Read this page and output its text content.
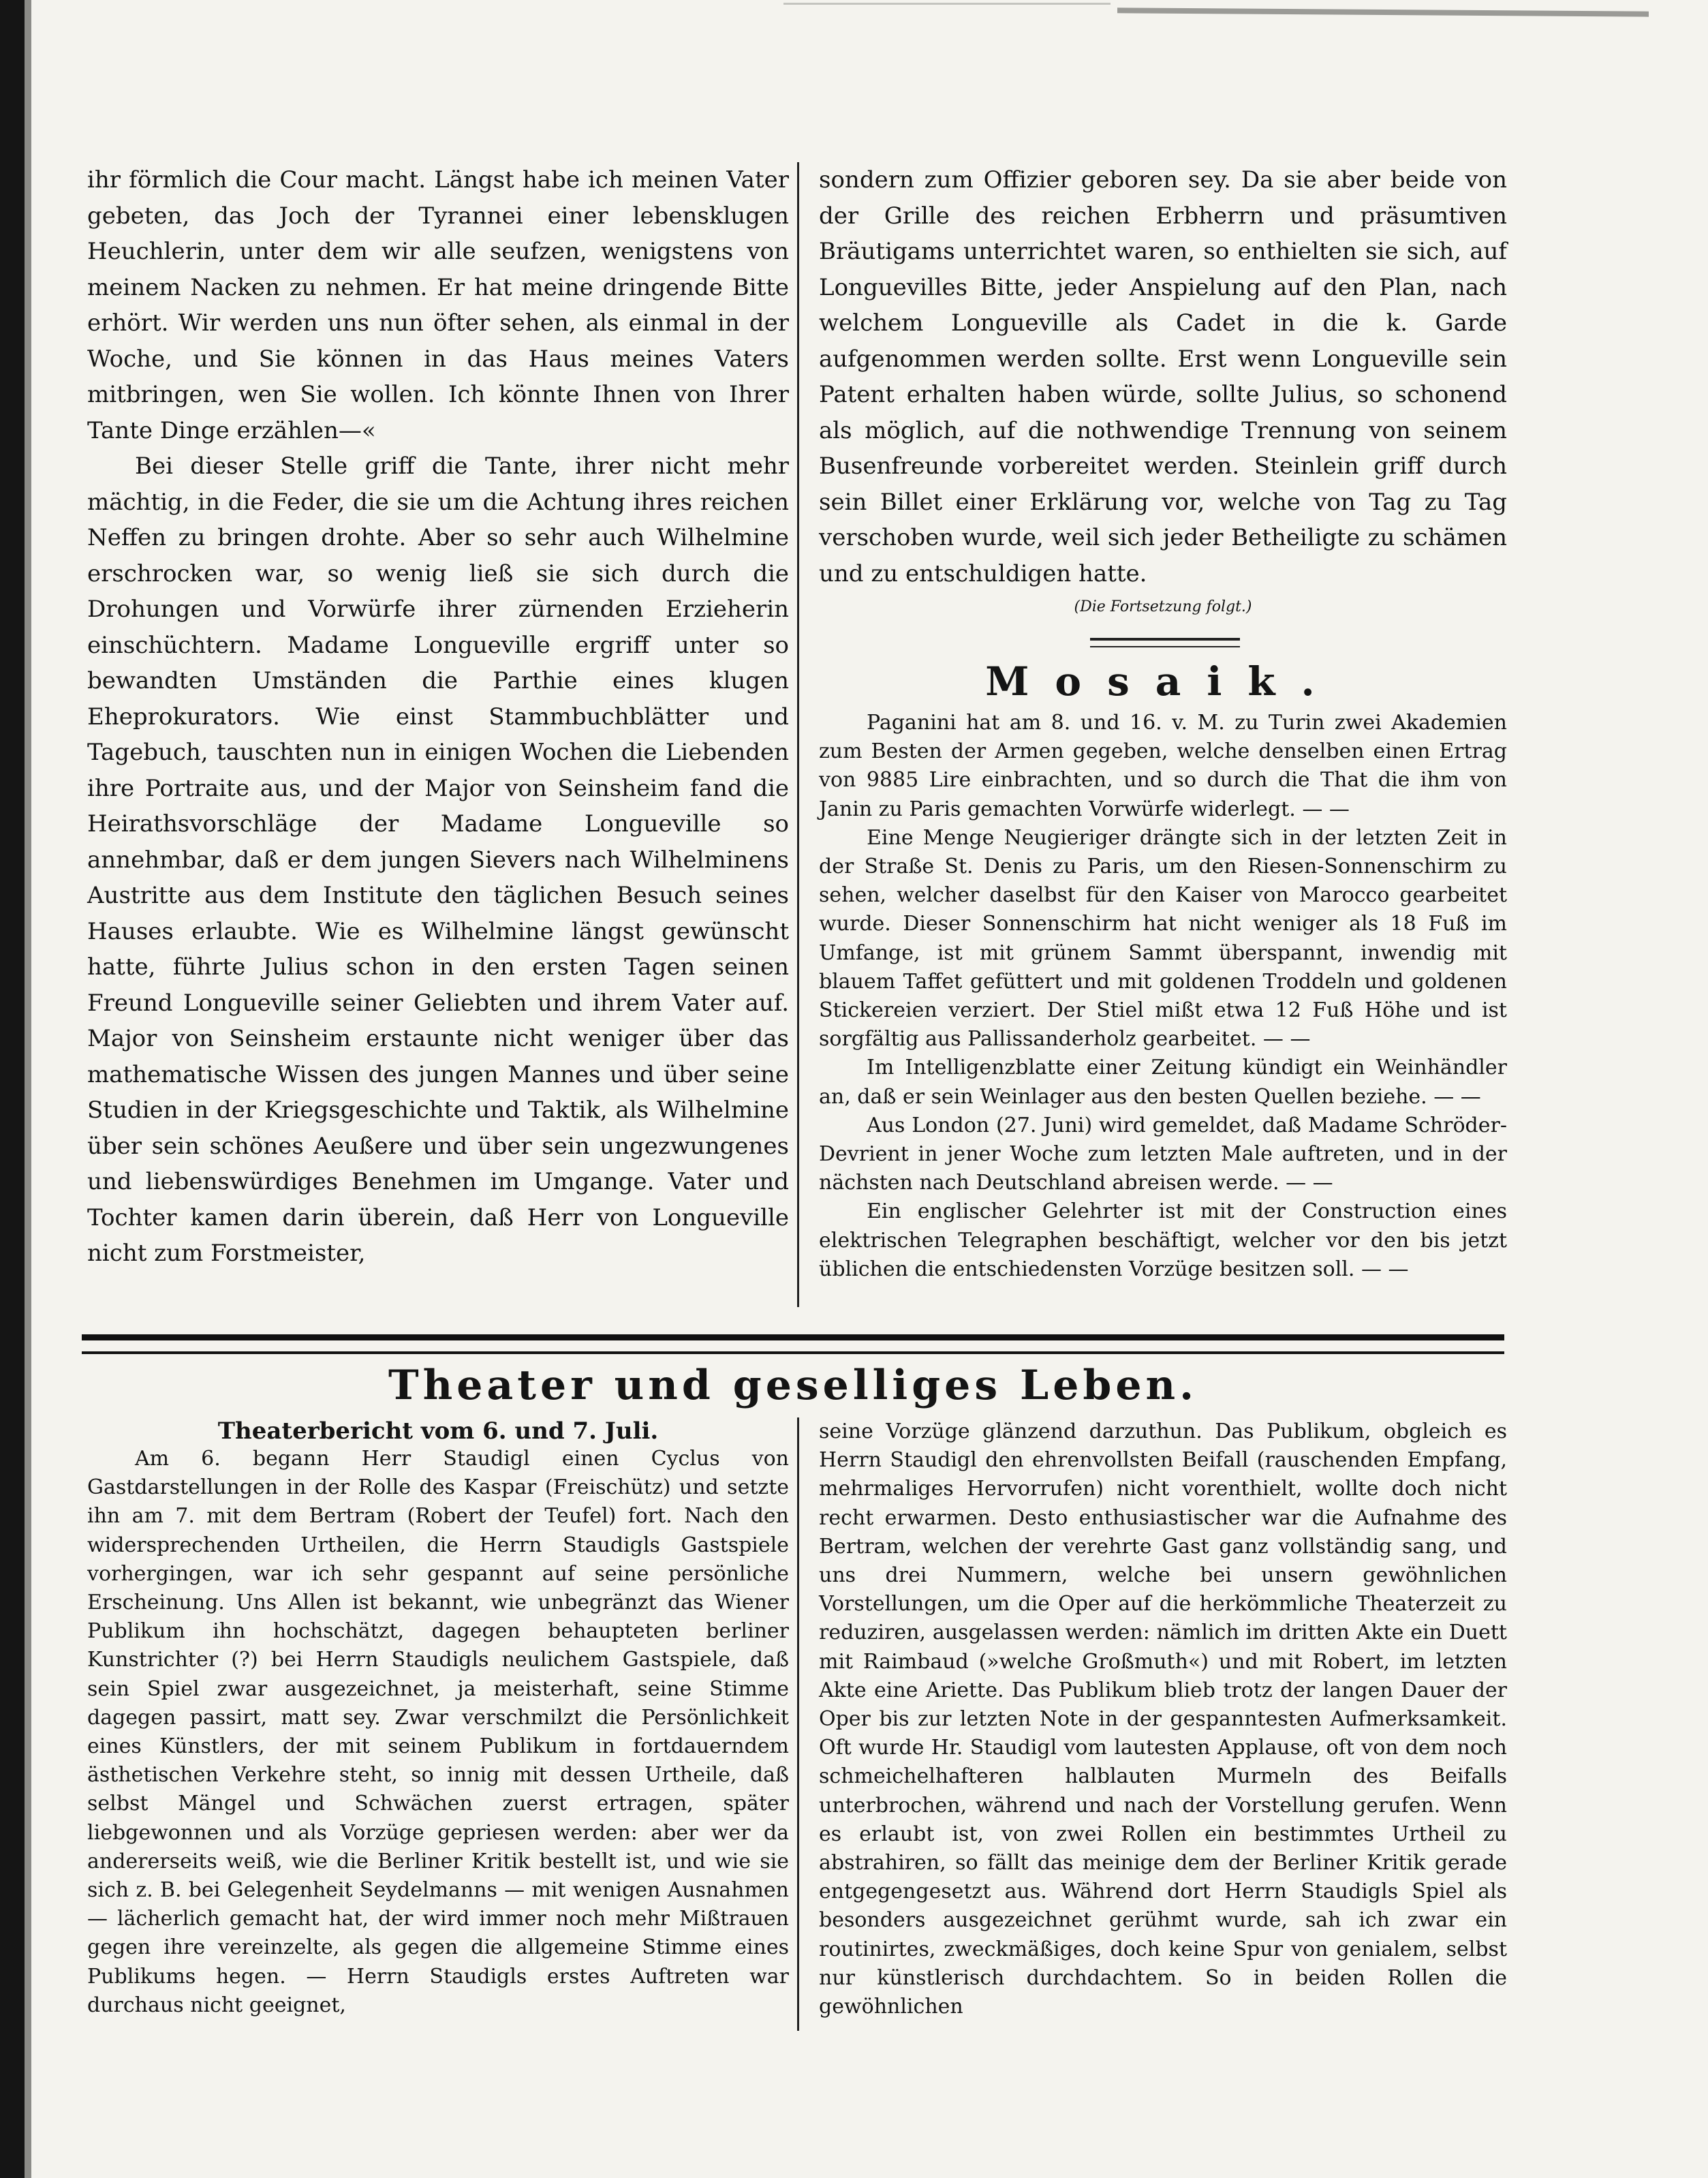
ihr förmlich die Cour macht. Längst habe ich meinen Vater gebeten, das Joch der Tyrannei einer lebensklugen Heuchlerin, unter dem wir alle seufzen, wenigstens von meinem Nacken zu nehmen. Er hat meine dringende Bitte erhört. Wir werden uns nun öfter sehen, als einmal in der Woche, und Sie können in das Haus meines Vaters mitbringen, wen Sie wollen. Ich könnte Ihnen von Ihrer Tante Dinge erzählen—«

Bei dieser Stelle griff die Tante, ihrer nicht mehr mächtig, in die Feder, die sie um die Achtung ihres reichen Neffen zu bringen drohte. Aber so sehr auch Wilhelmine erschrocken war, so wenig ließ sie sich durch die Drohungen und Vorwürfe ihrer zürnenden Erzieherin einschüchtern. Madame Longueville ergriff unter so bewandten Umständen die Parthie eines klugen Eheprokurators. Wie einst Stammbuchblätter und Tagebuch, tauschten nun in einigen Wochen die Liebenden ihre Portraite aus, und der Major von Seinsheim fand die Heirathsvorschläge der Madame Longueville so annehmbar, daß er dem jungen Sievers nach Wilhelminens Austritte aus dem Institute den täglichen Besuch seines Hauses erlaubte. Wie es Wilhelmine längst gewünscht hatte, führte Julius schon in den ersten Tagen seinen Freund Longueville seiner Geliebten und ihrem Vater auf. Major von Seinsheim erstaunte nicht weniger über das mathematische Wissen des jungen Mannes und über seine Studien in der Kriegsgeschichte und Taktik, als Wilhelmine über sein schönes Aeußere und über sein ungezwungenes und liebenswürdiges Benehmen im Umgange. Vater und Tochter kamen darin überein, daß Herr von Longueville nicht zum Forstmeister,

sondern zum Offizier geboren sey. Da sie aber beide von der Grille des reichen Erbherrn und präsumtiven Bräutigams unterrichtet waren, so enthielten sie sich, auf Longuevilles Bitte, jeder Anspielung auf den Plan, nach welchem Longueville als Cadet in die k. Garde aufgenommen werden sollte. Erst wenn Longueville sein Patent erhalten haben würde, sollte Julius, so schonend als möglich, auf die nothwendige Trennung von seinem Busenfreunde vorbereitet werden. Steinlein griff durch sein Billet einer Erklärung vor, welche von Tag zu Tag verschoben wurde, weil sich jeder Betheiligte zu schämen und zu entschuldigen hatte.

(Die Fortsetzung folgt.)
Mosaik.

Paganini hat am 8. und 16. v. M. zu Turin zwei Akademien zum Besten der Armen gegeben, welche denselben einen Ertrag von 9885 Lire einbrachten, und so durch die That die ihm von Janin zu Paris gemachten Vorwürfe widerlegt. — —

Eine Menge Neugieriger drängte sich in der letzten Zeit in der Straße St. Denis zu Paris, um den Riesen-Sonnenschirm zu sehen, welcher daselbst für den Kaiser von Marocco gearbeitet wurde. Dieser Sonnenschirm hat nicht weniger als 18 Fuß im Umfange, ist mit grünem Sammt überspannt, inwendig mit blauem Taffet gefüttert und mit goldenen Troddeln und goldenen Stickereien verziert. Der Stiel mißt etwa 12 Fuß Höhe und ist sorgfältig aus Pallissanderholz gearbeitet. — —

Im Intelligenzblatte einer Zeitung kündigt ein Weinhändler an, daß er sein Weinlager aus den besten Quellen beziehe. — —

Aus London (27. Juni) wird gemeldet, daß Madame Schröder-Devrient in jener Woche zum letzten Male auftreten, und in der nächsten nach Deutschland abreisen werde. — —

Ein englischer Gelehrter ist mit der Construction eines elektrischen Telegraphen beschäftigt, welcher vor den bis jetzt üblichen die entschiedensten Vorzüge besitzen soll. — —

Theater und geselliges Leben.
Theaterbericht vom 6. und 7. Juli.

Am 6. begann Herr Staudigl einen Cyclus von Gastdarstellungen in der Rolle des Kaspar (Freischütz) und setzte ihn am 7. mit dem Bertram (Robert der Teufel) fort. Nach den widersprechenden Urtheilen, die Herrn Staudigls Gastspiele vorhergingen, war ich sehr gespannt auf seine persönliche Erscheinung. Uns Allen ist bekannt, wie unbegränzt das Wiener Publikum ihn hochschätzt, dagegen behaupteten berliner Kunstrichter (?) bei Herrn Staudigls neulichem Gastspiele, daß sein Spiel zwar ausgezeichnet, ja meisterhaft, seine Stimme dagegen passirt, matt sey. Zwar verschmilzt die Persönlichkeit eines Künstlers, der mit seinem Publikum in fortdauerndem ästhetischen Verkehre steht, so innig mit dessen Urtheile, daß selbst Mängel und Schwächen zuerst ertragen, später liebgewonnen und als Vorzüge gepriesen werden: aber wer da andererseits weiß, wie die Berliner Kritik bestellt ist, und wie sie sich z. B. bei Gelegenheit Seydelmanns — mit wenigen Ausnahmen — lächerlich gemacht hat, der wird immer noch mehr Mißtrauen gegen ihre vereinzelte, als gegen die allgemeine Stimme eines Publikums hegen. — Herrn Staudigls erstes Auftreten war durchaus nicht geeignet,

seine Vorzüge glänzend darzuthun. Das Publikum, obgleich es Herrn Staudigl den ehrenvollsten Beifall (rauschenden Empfang, mehrmaliges Hervorrufen) nicht vorenthielt, wollte doch nicht recht erwarmen. Desto enthusiastischer war die Aufnahme des Bertram, welchen der verehrte Gast ganz vollständig sang, und uns drei Nummern, welche bei unsern gewöhnlichen Vorstellungen, um die Oper auf die herkömmliche Theaterzeit zu reduziren, ausgelassen werden: nämlich im dritten Akte ein Duett mit Raimbaud (»welche Großmuth«) und mit Robert, im letzten Akte eine Ariette. Das Publikum blieb trotz der langen Dauer der Oper bis zur letzten Note in der gespanntesten Aufmerksamkeit. Oft wurde Hr. Staudigl vom lautesten Applause, oft von dem noch schmeichelhafteren halblauten Murmeln des Beifalls unterbrochen, während und nach der Vorstellung gerufen. Wenn es erlaubt ist, von zwei Rollen ein bestimmtes Urtheil zu abstrahiren, so fällt das meinige dem der Berliner Kritik gerade entgegengesetzt aus. Während dort Herrn Staudigls Spiel als besonders ausgezeichnet gerühmt wurde, sah ich zwar ein routinirtes, zweckmäßiges, doch keine Spur von genialem, selbst nur künstlerisch durchdachtem. So in beiden Rollen die gewöhnlichen
